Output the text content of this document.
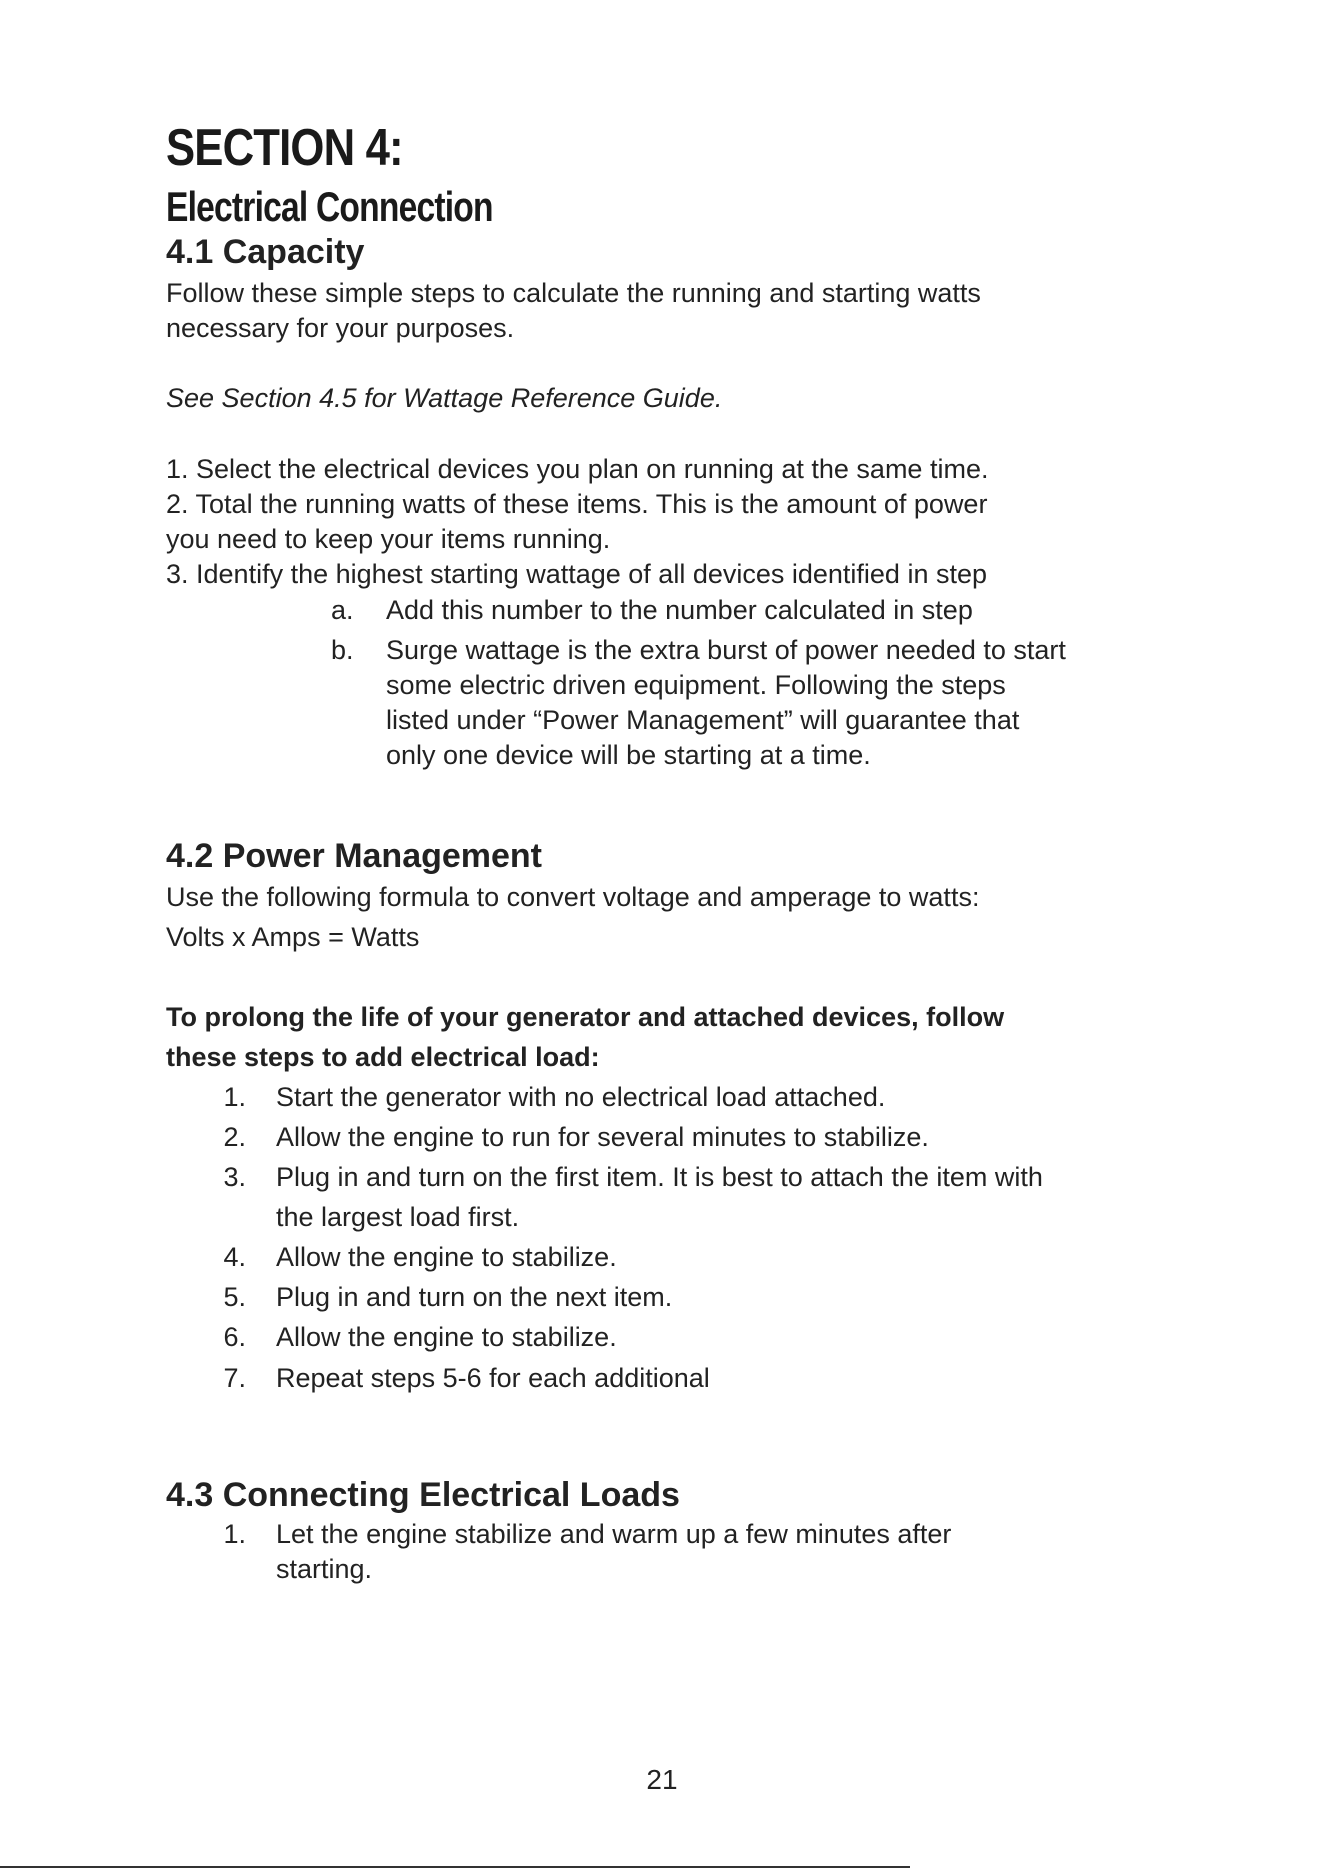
SECTION 4:
Electrical Connection
4.1 Capacity
Follow these simple steps to calculate the running and starting watts
necessary for your purposes.
See Section 4.5 for Wattage Reference Guide.
1. Select the electrical devices you plan on running at the same time.
2. Total the running watts of these items. This is the amount of power
you need to keep your items running.
3. Identify the highest starting wattage of all devices identified in step
a. Add this number to the number calculated in step
b. Surge wattage is the extra burst of power needed to start
some electric driven equipment. Following the steps
listed under “Power Management” will guarantee that
only one device will be starting at a time.
4.2 Power Management
Use the following formula to convert voltage and amperage to watts:
Volts x Amps = Watts
To prolong the life of your generator and attached devices, follow
these steps to add electrical load:
1. Start the generator with no electrical load attached.
2. Allow the engine to run for several minutes to stabilize.
3. Plug in and turn on the first item. It is best to attach the item with
the largest load first.
4. Allow the engine to stabilize.
5. Plug in and turn on the next item.
6. Allow the engine to stabilize.
7. Repeat steps 5-6 for each additional
4.3 Connecting Electrical Loads
1. Let the engine stabilize and warm up a few minutes after
starting.
21
